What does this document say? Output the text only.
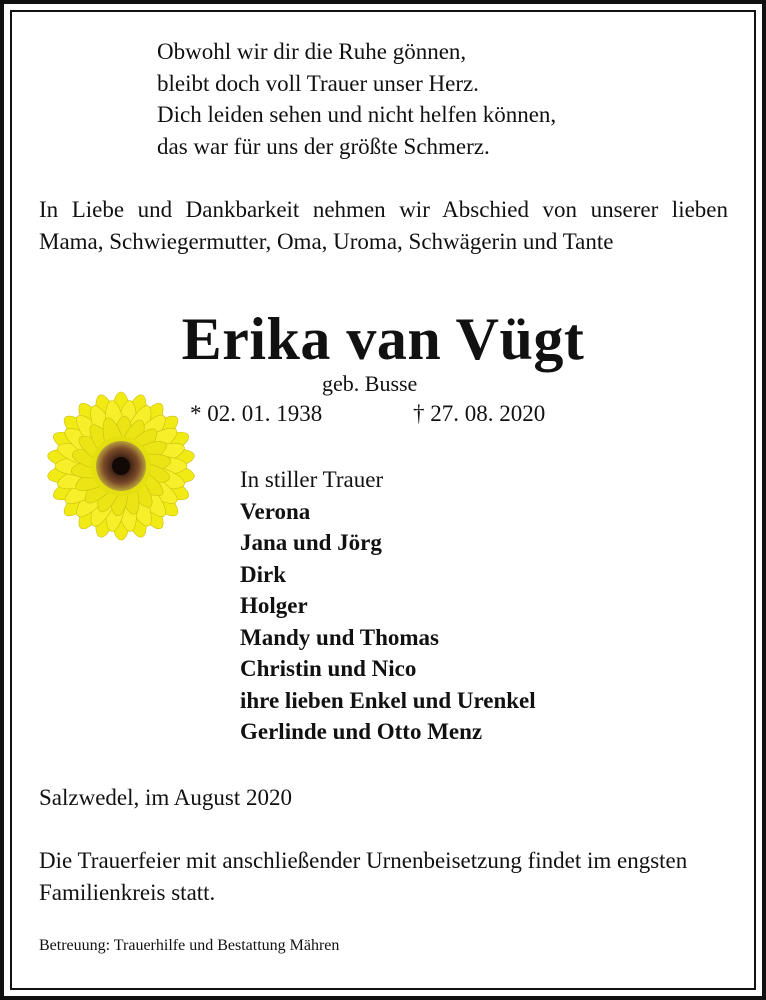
Obwohl wir dir die Ruhe gönnen,
bleibt doch voll Trauer unser Herz.
Dich leiden sehen und nicht helfen können,
das war für uns der größte Schmerz.
In Liebe und Dankbarkeit nehmen wir Abschied von unserer lieben Mama, Schwiegermutter, Oma, Uroma, Schwägerin und Tante
Erika van Vügt
geb. Busse
* 02. 01. 1938	† 27. 08. 2020
In stiller Trauer
Verona
Jana und Jörg
Dirk
Holger
Mandy und Thomas
Christin und Nico
ihre lieben Enkel und Urenkel
Gerlinde und Otto Menz
Salzwedel, im August 2020
Die Trauerfeier mit anschließender Urnenbeisetzung findet im engsten Familienkreis statt.
Betreuung: Trauerhilfe und Bestattung Mähren
